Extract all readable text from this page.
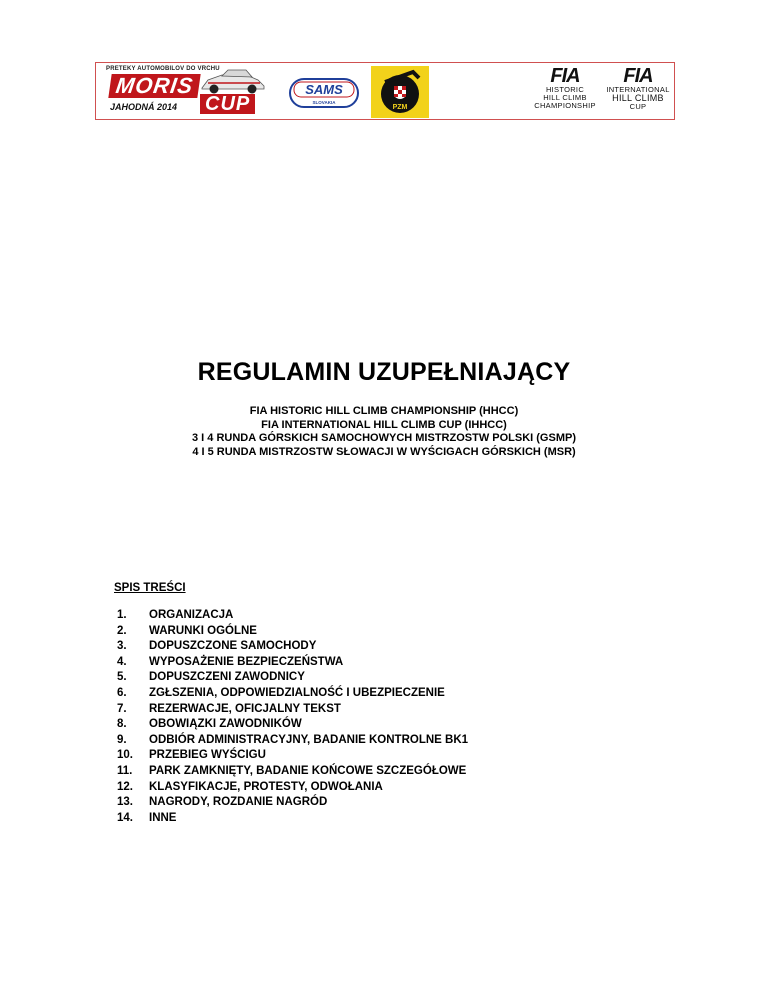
PRETEKY AUTOMOBILOV DO VRCHU
MORIS
JAHODNÁ 2014 CUP
SAMS
SLOVAKIA
PZM
FIA
HISTORIC
HILL CLIMB
CHAMPIONSHIP
FIA
INTERNATIONAL
HILL CLIMB
CUP
REGULAMIN UZUPEŁNIAJĄCY
FIA HISTORIC HILL CLIMB CHAMPIONSHIP (HHCC)
FIA INTERNATIONAL HILL CLIMB CUP (IHHCC)
3 I 4 RUNDA GÓRSKICH SAMOCHOWYCH MISTRZOSTW POLSKI (GSMP)
4 I 5 RUNDA MISTRZOSTW SŁOWACJI W WYŚCIGACH GÓRSKICH (MSR)
SPIS TREŚCI
1. ORGANIZACJA
2. WARUNKI OGÓLNE
3. DOPUSZCZONE SAMOCHODY
4. WYPOSAŻENIE BEZPIECZEŃSTWA
5. DOPUSZCZENI ZAWODNICY
6. ZGŁSZENIA, ODPOWIEDZIALNOŚĆ I UBEZPIECZENIE
7. REZERWACJE, OFICJALNY TEKST
8. OBOWIĄZKI ZAWODNIKÓW
9. ODBIÓR ADMINISTRACYJNY, BADANIE KONTROLNE BK1
10. PRZEBIEG WYŚCIGU
11. PARK ZAMKNIĘTY, BADANIE KOŃCOWE SZCZEGÓŁOWE
12. KLASYFIKACJE, PROTESTY, ODWOŁANIA
13. NAGRODY, ROZDANIE NAGRÓD
14. INNE
